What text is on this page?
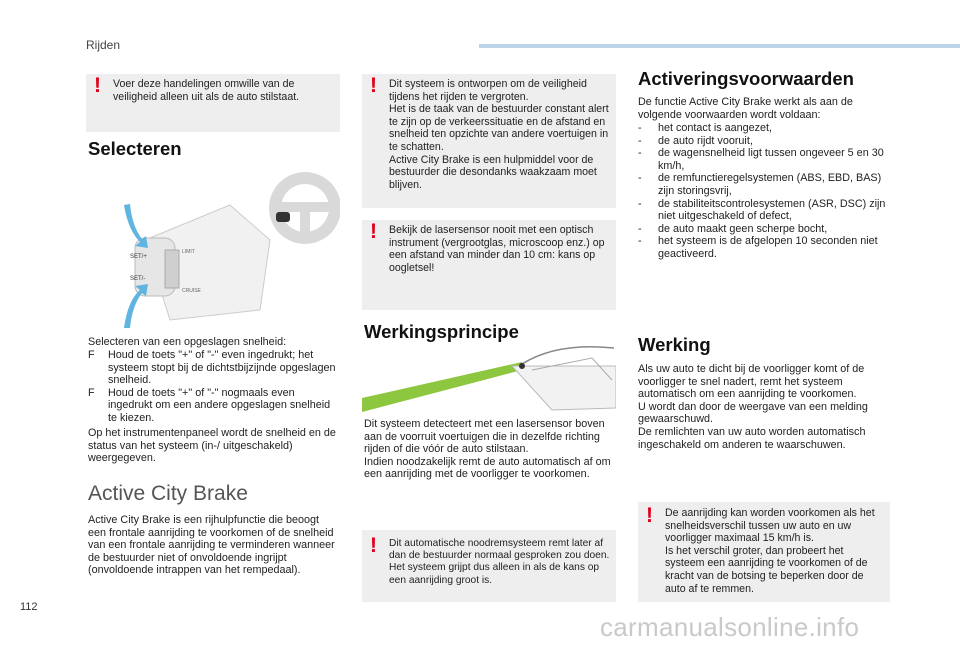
Rijden
! Voer deze handelingen omwille van de veiligheid alleen uit als de auto stilstaat.
Selecteren
SET/+
SET/-
LIMIT
CRUISE
Selecteren van een opgeslagen snelheid:
F Houd de toets "+" of "-" even ingedrukt; het systeem stopt bij de dichtstbijzijnde opgeslagen snelheid.
F Houd de toets "+" of "-" nogmaals even ingedrukt om een andere opgeslagen snelheid te kiezen.
Op het instrumentenpaneel wordt de snelheid en de status van het systeem (in-/ uitgeschakeld) weergegeven.
Active City Brake
Active City Brake is een rijhulpfunctie die beoogt een frontale aanrijding te voorkomen of de snelheid van een frontale aanrijding te verminderen wanneer de bestuurder niet of onvoldoende ingrijpt (onvoldoende intrappen van het rempedaal).
! Dit systeem is ontworpen om de veiligheid tijdens het rijden te vergroten.
Het is de taak van de bestuurder constant alert te zijn op de verkeerssituatie en de afstand en snelheid ten opzichte van andere voertuigen in te schatten.
Active City Brake is een hulpmiddel voor de bestuurder die desondanks waakzaam moet blijven.
! Bekijk de lasersensor nooit met een optisch instrument (vergrootglas, microscoop enz.) op een afstand van minder dan 10 cm: kans op oogletsel!
Werkingsprincipe
Dit systeem detecteert met een lasersensor boven aan de voorruit voertuigen die in dezelfde richting rijden of die vóór de auto stilstaan.
Indien noodzakelijk remt de auto automatisch af om een aanrijding met de voorligger te voorkomen.
! Dit automatische noodremsysteem remt later af dan de bestuurder normaal gesproken zou doen. Het systeem grijpt dus alleen in als de kans op een aanrijding groot is.
Activeringsvoorwaarden
De functie Active City Brake werkt als aan de volgende voorwaarden wordt voldaan:
- het contact is aangezet,
- de auto rijdt vooruit,
- de wagensnelheid ligt tussen ongeveer 5 en 30 km/h,
- de remfunctieregelsystemen (ABS, EBD, BAS) zijn storingsvrij,
- de stabiliteitscontrolesystemen (ASR, DSC) zijn niet uitgeschakeld of defect,
- de auto maakt geen scherpe bocht,
- het systeem is de afgelopen 10 seconden niet geactiveerd.
Werking
Als uw auto te dicht bij de voorligger komt of de voorligger te snel nadert, remt het systeem automatisch om een aanrijding te voorkomen.
U wordt dan door de weergave van een melding gewaarschuwd.
De remlichten van uw auto worden automatisch ingeschakeld om anderen te waarschuwen.
! De aanrijding kan worden voorkomen als het snelheidsverschil tussen uw auto en uw voorligger maximaal 15 km/h is.
Is het verschil groter, dan probeert het systeem een aanrijding te voorkomen of de kracht van de botsing te beperken door de auto af te remmen.
112
carmanualsonline.info
